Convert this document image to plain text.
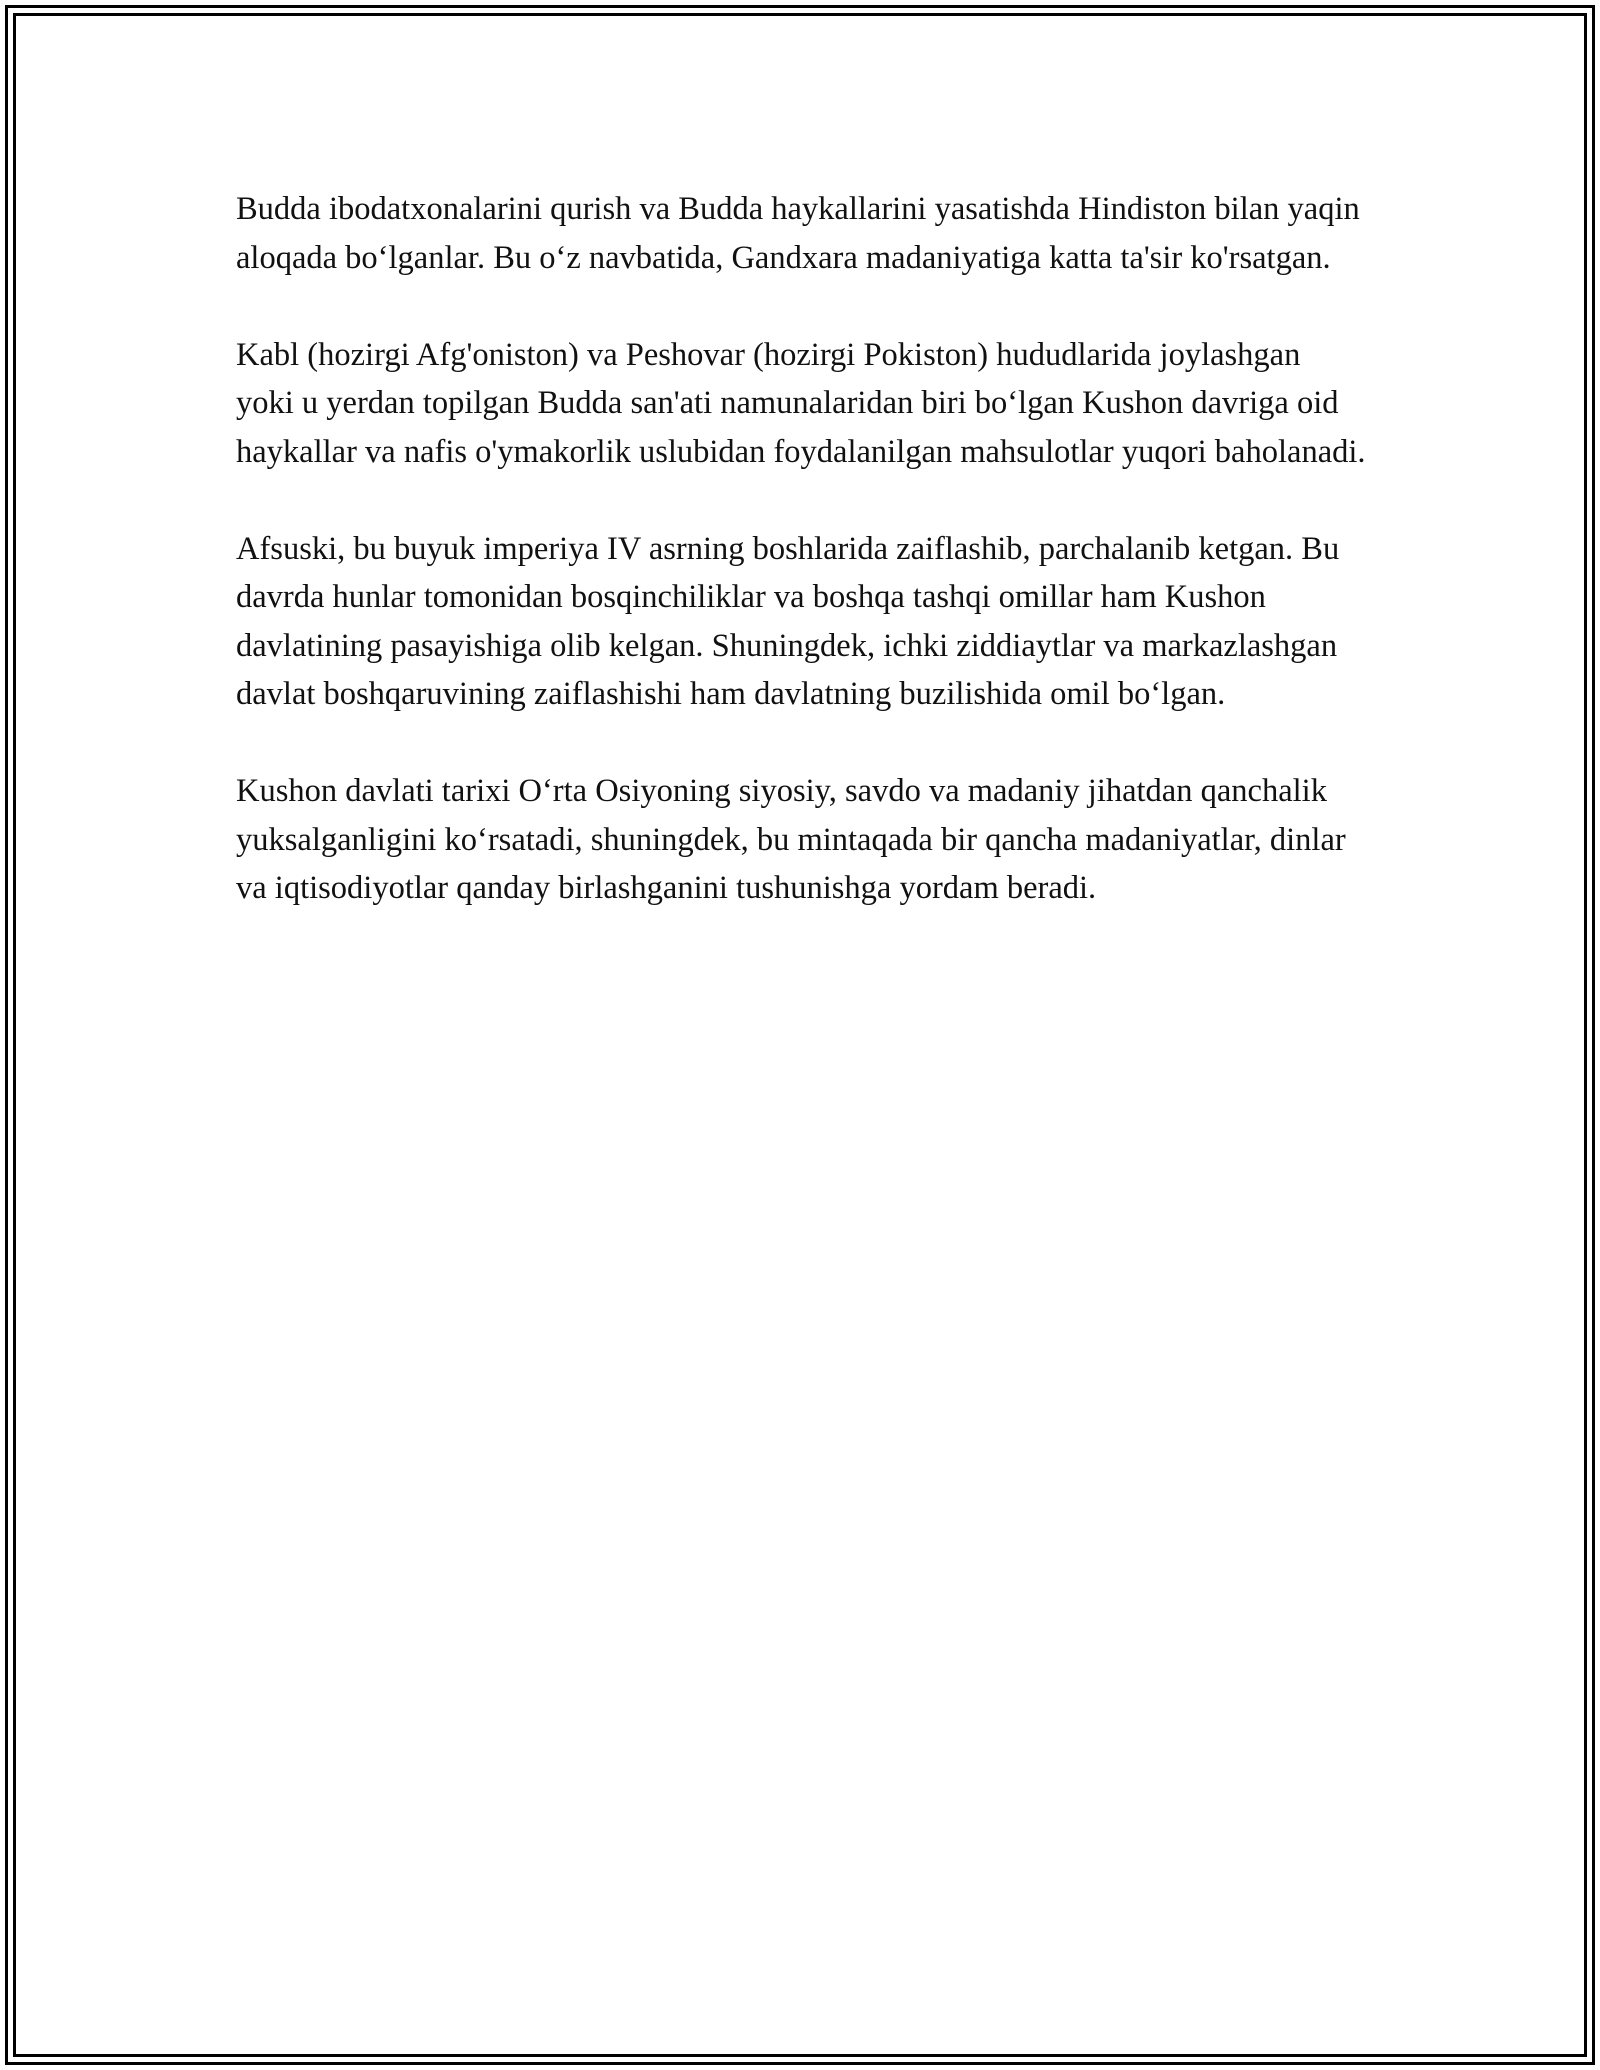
Budda ibodatxonalarini qurish va Budda haykallarini yasatishda Hindiston bilan yaqin aloqada bo‘lganlar. Bu o‘z navbatida, Gandxara madaniyatiga katta ta'sir ko'rsatgan.

Kabl (hozirgi Afg'oniston) va Peshovar (hozirgi Pokiston) hududlarida joylashgan yoki u yerdan topilgan Budda san'ati namunalaridan biri bo‘lgan Kushon davriga oid haykallar va nafis o'ymakorlik uslubidan foydalanilgan mahsulotlar yuqori baholanadi.

Afsuski, bu buyuk imperiya IV asrning boshlarida zaiflashib, parchalanib ketgan. Bu davrda hunlar tomonidan bosqinchiliklar va boshqa tashqi omillar ham Kushon davlatining pasayishiga olib kelgan. Shuningdek, ichki ziddiaytlar va markazlashgan davlat boshqaruvining zaiflashishi ham davlatning buzilishida omil bo‘lgan.

Kushon davlati tarixi O‘rta Osiyoning siyosiy, savdo va madaniy jihatdan qanchalik yuksalganligini ko‘rsatadi, shuningdek, bu mintaqada bir qancha madaniyatlar, dinlar va iqtisodiyotlar qanday birlashganini tushunishga yordam beradi.
